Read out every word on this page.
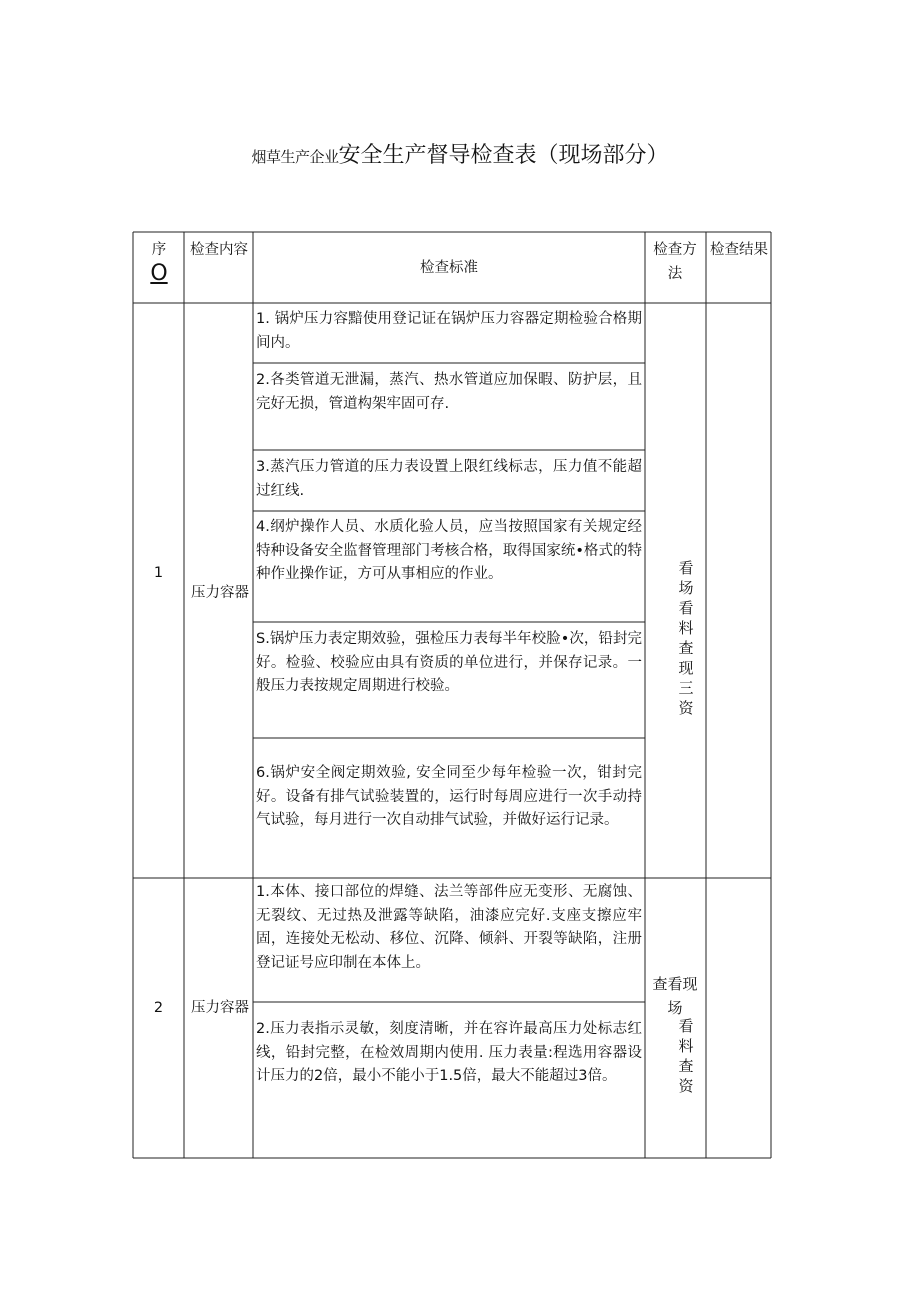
烟草生产企业安全生产督导检查表（现场部分）
序
O
检查内容
检查标准
检查方法
检查结果
1
压力容器
看场
看料查现三资
1. 锅炉压力容黯使用登记证在锅炉压力容器定期检验合格期间内。
2.各类管道无泄漏，蒸汽、热水管道应加保暇、防护层，且完好无损，管道构架牢固可存.
3.蒸汽压力管道的压力表设置上限红线标志，压力值不能超过红线.
4.纲炉操作人员、水质化验人员，应当按照国家有关规定经特种设备安全监督管理部门考核合格，取得国家统•格式的特种作业操作证，方可从事相应的作业。
S.锅炉压力表定期效验，强检压力表每半年校脸•次，铅封完好。检验、校验应由具有资质的单位进行，并保存记录。一般压力表按规定周期进行校验。
6.锅炉安全阀定期效验, 安全同至少每年检验一次，钳封完好。设备有排气试验装置的，运行时每周应进行一次手动持气试验，每月进行一次自动排气试验，并做好运行记录。
2	压力容器
查看现场
看料查资
1.本体、接口部位的焊缝、法兰等部件应无变形、无腐蚀、无裂纹、无过热及泄露等缺陷，油漆应完好.支座支擦应牢固，连接处无松动、移位、沉降、倾斜、开裂等缺陷，注册登记证号应印制在本体上。
2.压力表指示灵敏，刻度清晰，并在容许最高压力处标志红线，铅封完整，在检效周期内使用. 压力表量:程选用容器设计压力的2倍，最小不能小于1.5倍，最大不能超过3倍。
